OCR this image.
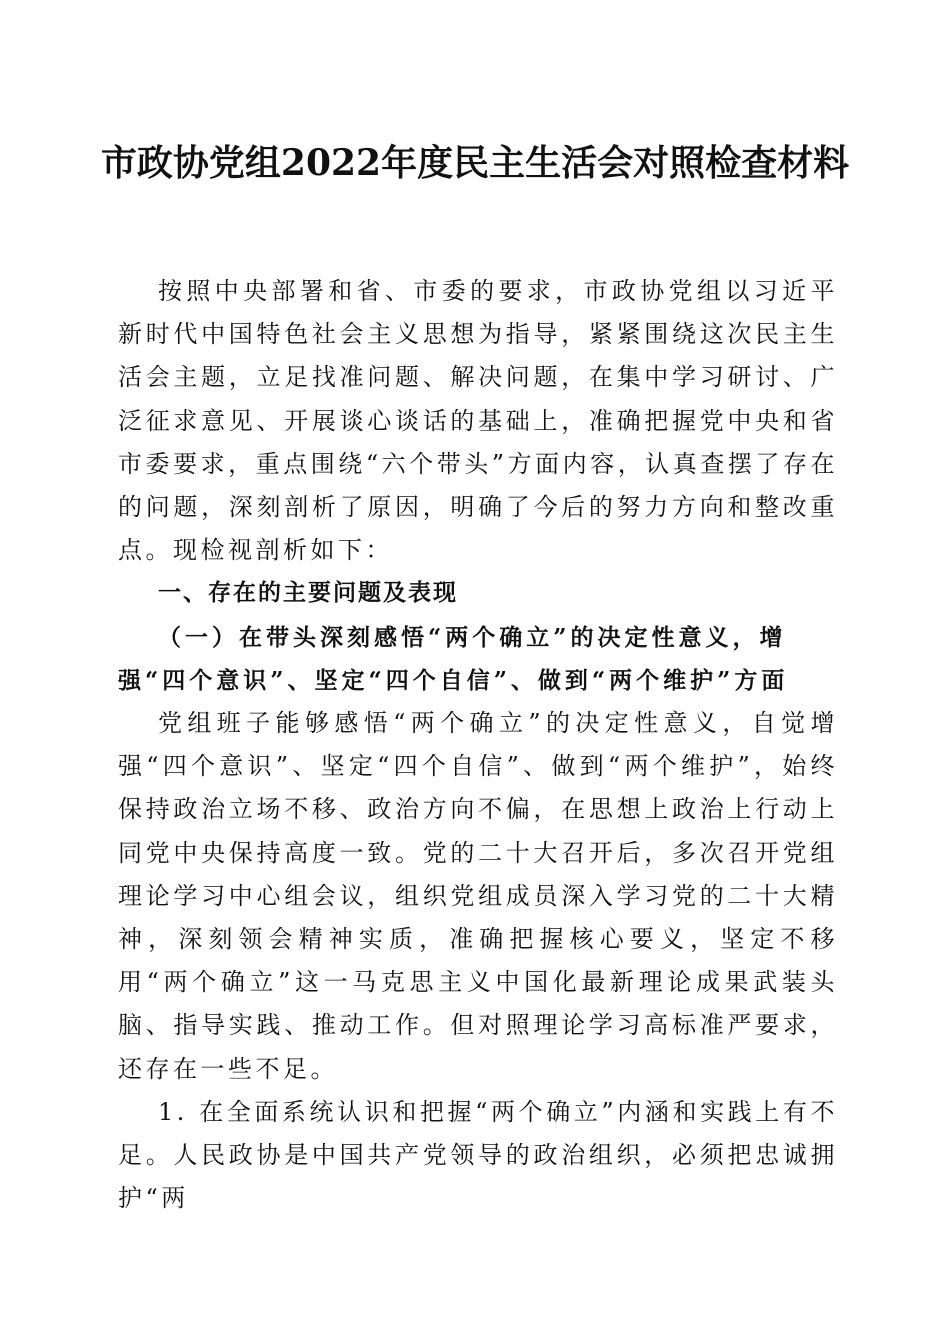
市政协党组2022年度民主生活会对照检查材料

按照中央部署和省、市委的要求，市政协党组以习近平新时代中国特色社会主义思想为指导，紧紧围绕这次民主生活会主题，立足找准问题、解决问题，在集中学习研讨、广泛征求意见、开展谈心谈话的基础上，准确把握党中央和省市委要求，重点围绕“六个带头”方面内容，认真查摆了存在的问题，深刻剖析了原因，明确了今后的努力方向和整改重点。现检视剖析如下：

一、存在的主要问题及表现

（一）在带头深刻感悟“两个确立”的决定性意义，增强“四个意识”、坚定“四个自信”、做到“两个维护”方面

党组班子能够感悟“两个确立”的决定性意义，自觉增强“四个意识”、坚定“四个自信”、做到“两个维护”，始终保持政治立场不移、政治方向不偏，在思想上政治上行动上同党中央保持高度一致。党的二十大召开后，多次召开党组理论学习中心组会议，组织党组成员深入学习党的二十大精神，深刻领会精神实质，准确把握核心要义，坚定不移用“两个确立”这一马克思主义中国化最新理论成果武装头脑、指导实践、推动工作。但对照理论学习高标准严要求，还存在一些不足。

1. 在全面系统认识和把握“两个确立”内涵和实践上有不足。人民政协是中国共产党领导的政治组织，必须把忠诚拥护“两
